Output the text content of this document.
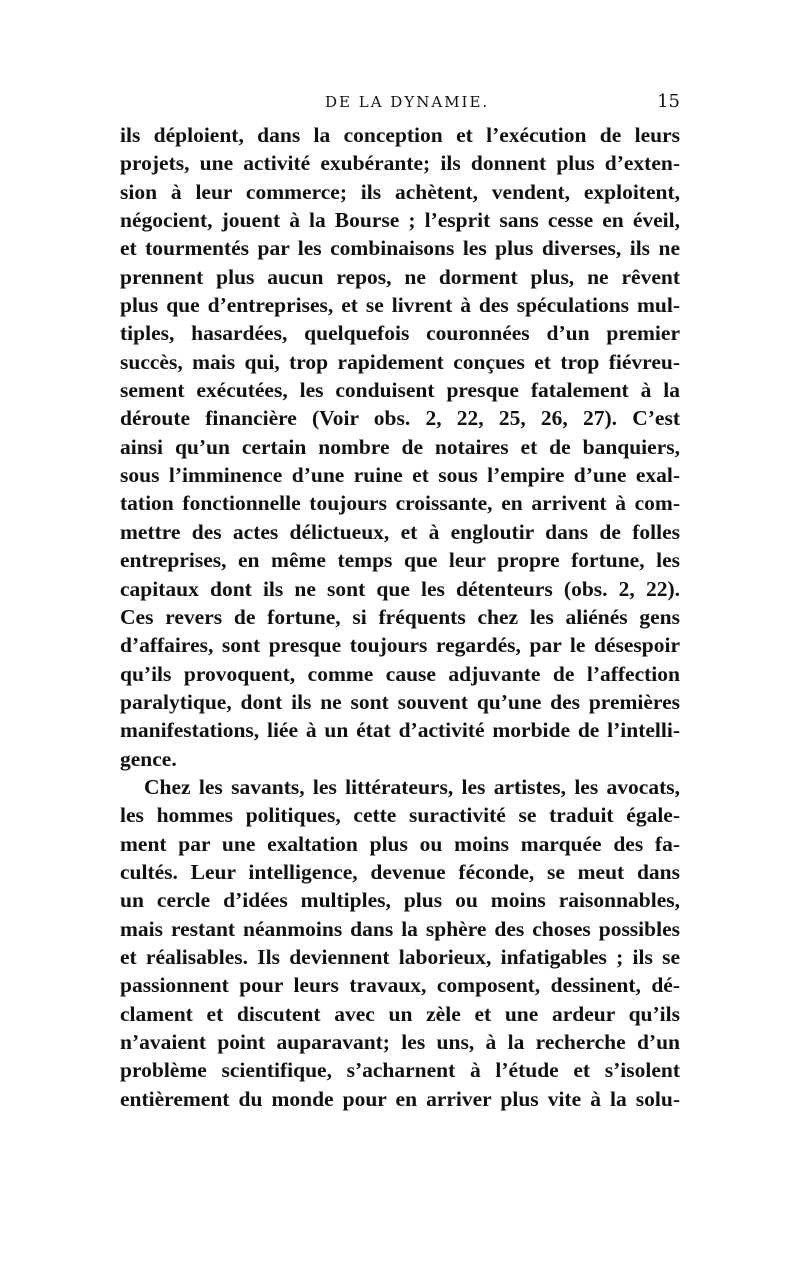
DE LA DYNAMIE.	15
ils déploient, dans la conception et l’exécution de leurs
projets, une activité exubérante; ils donnent plus d’exten-
sion à leur commerce; ils achètent, vendent, exploitent,
négocient, jouent à la Bourse ; l’esprit sans cesse en éveil,
et tourmentés par les combinaisons les plus diverses, ils ne
prennent plus aucun repos, ne dorment plus, ne rêvent
plus que d’entreprises, et se livrent à des spéculations mul-
tiples, hasardées, quelquefois couronnées d’un premier
succès, mais qui, trop rapidement conçues et trop fiévreu-
sement exécutées, les conduisent presque fatalement à la
déroute financière (Voir obs. 2, 22, 25, 26, 27). C’est
ainsi qu’un certain nombre de notaires et de banquiers,
sous l’imminence d’une ruine et sous l’empire d’une exal-
tation fonctionnelle toujours croissante, en arrivent à com-
mettre des actes délictueux, et à engloutir dans de folles
entreprises, en même temps que leur propre fortune, les
capitaux dont ils ne sont que les détenteurs (obs. 2, 22).
Ces revers de fortune, si fréquents chez les aliénés gens
d’affaires, sont presque toujours regardés, par le désespoir
qu’ils provoquent, comme cause adjuvante de l’affection
paralytique, dont ils ne sont souvent qu’une des premières
manifestations, liée à un état d’activité morbide de l’intelli-
gence.
Chez les savants, les littérateurs, les artistes, les avocats,
les hommes politiques, cette suractivité se traduit égale-
ment par une exaltation plus ou moins marquée des fa-
cultés. Leur intelligence, devenue féconde, se meut dans
un cercle d’idées multiples, plus ou moins raisonnables,
mais restant néanmoins dans la sphère des choses possibles
et réalisables. Ils deviennent laborieux, infatigables ; ils se
passionnent pour leurs travaux, composent, dessinent, dé-
clament et discutent avec un zèle et une ardeur qu’ils
n’avaient point auparavant; les uns, à la recherche d’un
problème scientifique, s’acharnent à l’étude et s’isolent
entièrement du monde pour en arriver plus vite à la solu-
